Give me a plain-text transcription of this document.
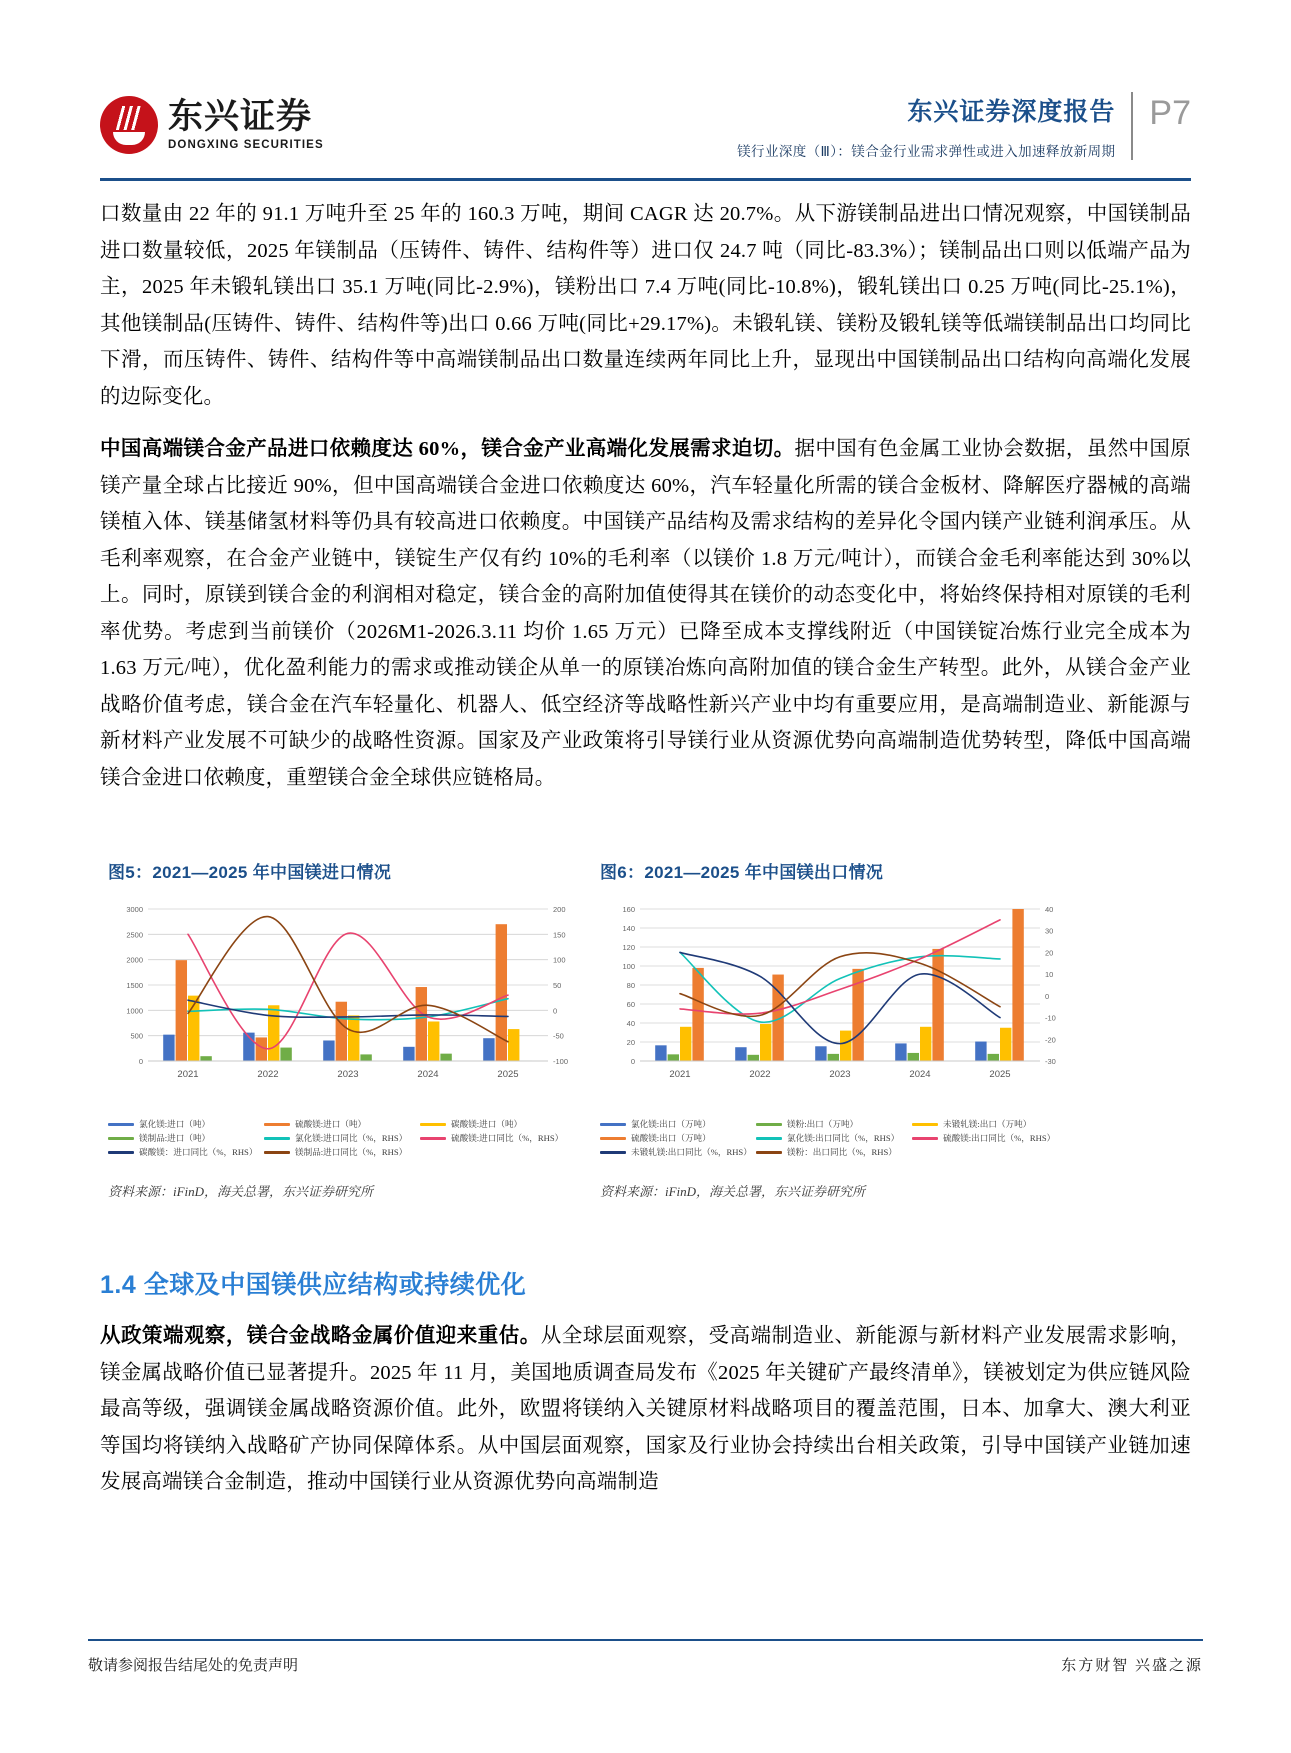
东兴证券
DONGXING SECURITIES
东兴证券深度报告
镁行业深度（Ⅲ）：镁合金行业需求弹性或进入加速释放新周期
P7

口数量由 22 年的 91.1 万吨升至 25 年的 160.3 万吨，期间 CAGR 达 20.7%。从下游镁制品进出口情况观察，中国镁制品进口数量较低，2025 年镁制品（压铸件、铸件、结构件等）进口仅 24.7 吨（同比-83.3%）；镁制品出口则以低端产品为主，2025 年未锻轧镁出口 35.1 万吨(同比-2.9%)，镁粉出口 7.4 万吨(同比-10.8%)，锻轧镁出口 0.25 万吨(同比-25.1%)，其他镁制品(压铸件、铸件、结构件等)出口 0.66 万吨(同比+29.17%)。未锻轧镁、镁粉及锻轧镁等低端镁制品出口均同比下滑，而压铸件、铸件、结构件等中高端镁制品出口数量连续两年同比上升，显现出中国镁制品出口结构向高端化发展的边际变化。

中国高端镁合金产品进口依赖度达 60%，镁合金产业高端化发展需求迫切。据中国有色金属工业协会数据，虽然中国原镁产量全球占比接近 90%，但中国高端镁合金进口依赖度达 60%，汽车轻量化所需的镁合金板材、降解医疗器械的高端镁植入体、镁基储氢材料等仍具有较高进口依赖度。中国镁产品结构及需求结构的差异化令国内镁产业链利润承压。从毛利率观察，在合金产业链中，镁锭生产仅有约 10%的毛利率（以镁价 1.8 万元/吨计），而镁合金毛利率能达到 30%以上。同时，原镁到镁合金的利润相对稳定，镁合金的高附加值使得其在镁价的动态变化中，将始终保持相对原镁的毛利率优势。考虑到当前镁价（2026M1-2026.3.11 均价 1.65 万元）已降至成本支撑线附近（中国镁锭冶炼行业完全成本为 1.63 万元/吨），优化盈利能力的需求或推动镁企从单一的原镁冶炼向高附加值的镁合金生产转型。此外，从镁合金产业战略价值考虑，镁合金在汽车轻量化、机器人、低空经济等战略性新兴产业中均有重要应用，是高端制造业、新能源与新材料产业发展不可缺少的战略性资源。国家及产业政策将引导镁行业从资源优势向高端制造优势转型，降低中国高端镁合金进口依赖度，重塑镁合金全球供应链格局。

图5：2021—2025 年中国镁进口情况
0
500
1000
1500
2000
2500
3000
-100
-50
0
50
100
150
200
2021	2022	2023	2024	2025
氯化镁:进口（吨）	硫酸镁:进口（吨）	碳酸镁:进口（吨）
镁制品:进口（吨）	氯化镁:进口同比（%，RHS）	硫酸镁:进口同比（%，RHS）
碳酸镁：进口同比（%，RHS）	镁制品:进口同比（%，RHS）
资料来源：iFinD，海关总署，东兴证券研究所
图6：2021—2025 年中国镁出口情况
0
20
40
60
80
100
120
140
160
-30
-20
-10
0
10
20
30
40
2021	2022	2023	2024	2025
氯化镁:出口（万吨）	镁粉:出口（万吨）	未锻轧镁:出口（万吨）
硫酸镁:出口（万吨）	氯化镁:出口同比（%，RHS）	硫酸镁:出口同比（%，RHS）
未锻轧镁:出口同比（%，RHS）	镁粉：出口同比（%，RHS）
资料来源：iFinD，海关总署，东兴证券研究所
1.4 全球及中国镁供应结构或持续优化

从政策端观察，镁合金战略金属价值迎来重估。从全球层面观察，受高端制造业、新能源与新材料产业发展需求影响，镁金属战略价值已显著提升。2025 年 11 月，美国地质调查局发布《2025 年关键矿产最终清单》，镁被划定为供应链风险最高等级，强调镁金属战略资源价值。此外，欧盟将镁纳入关键原材料战略项目的覆盖范围，日本、加拿大、澳大利亚等国均将镁纳入战略矿产协同保障体系。从中国层面观察，国家及行业协会持续出台相关政策，引导中国镁产业链加速发展高端镁合金制造，推动中国镁行业从资源优势向高端制造

敬请参阅报告结尾处的免责声明	东方财智 兴盛之源
